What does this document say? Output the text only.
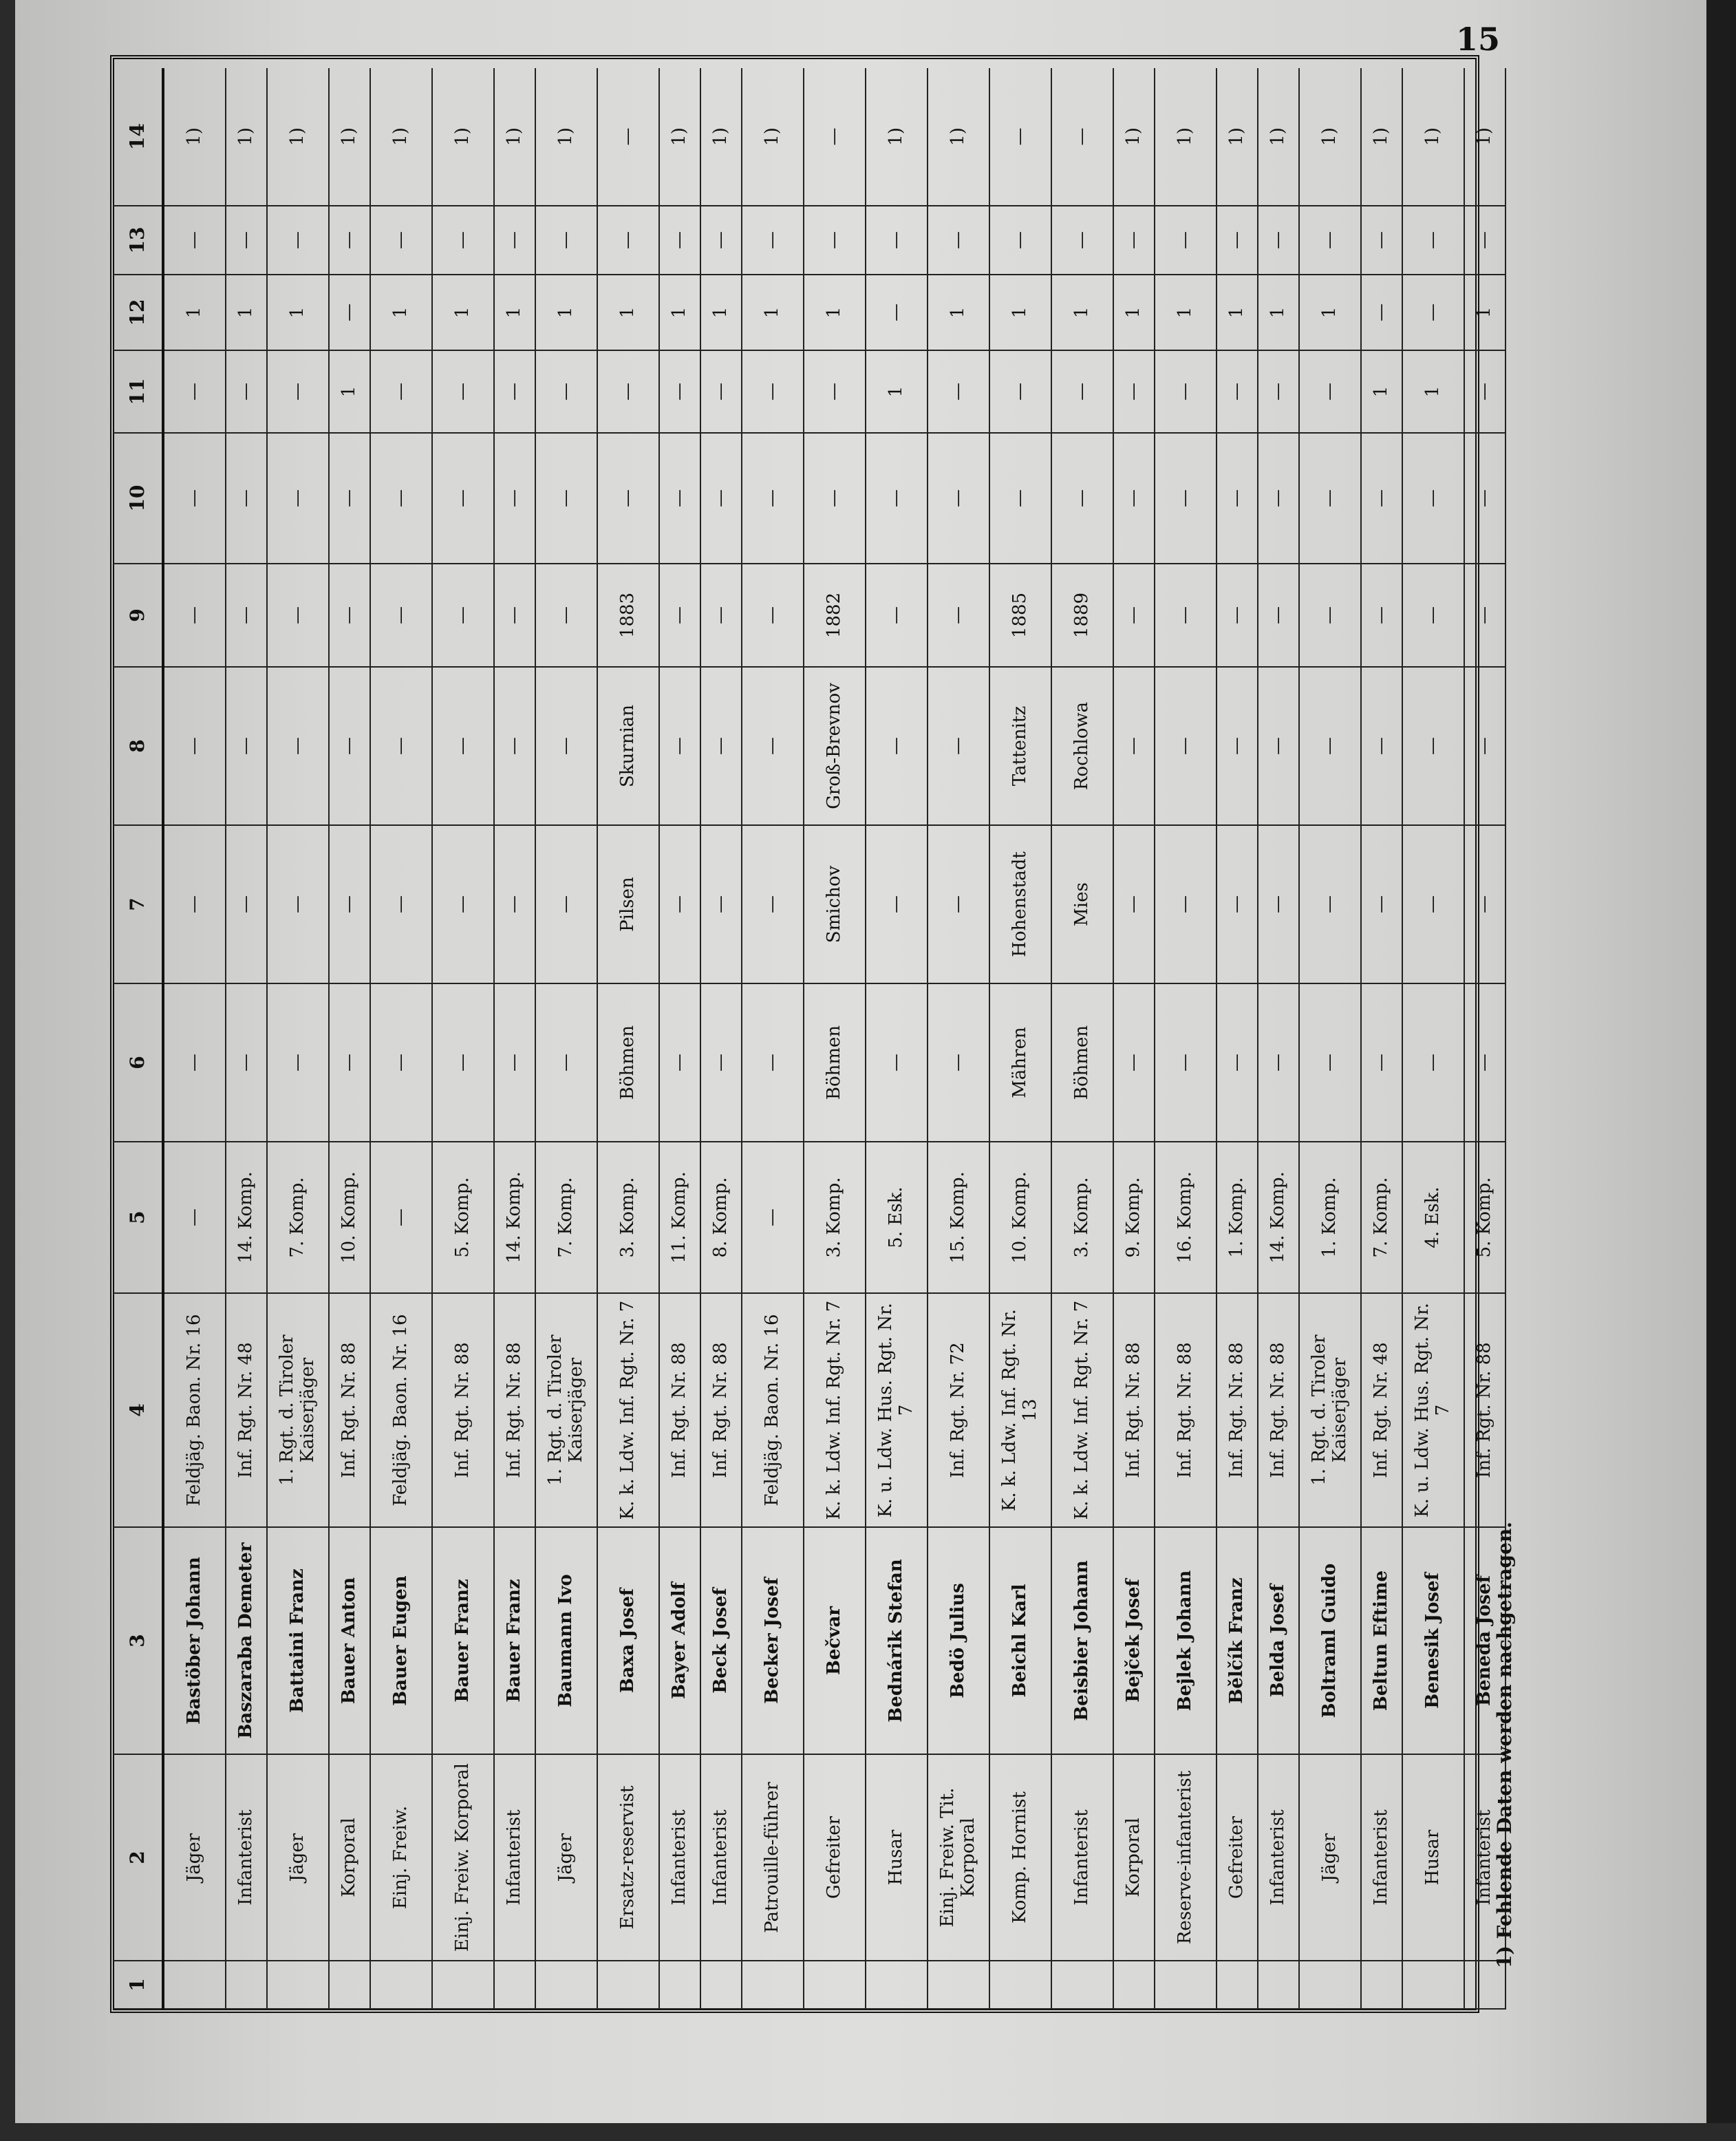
15
1	2	3	4	5	6	7	8	9	10	11	12	13	14
	Jäger	Bastöber Johann	Feldjäg. Baon. Nr. 16	—	—	—	—	—	—	—	1	—	1)
	Infanterist	Baszaraba Demeter	Inf. Rgt. Nr. 48	14. Komp.	—	—	—	—	—	—	1	—	1)
	Jäger	Battaini Franz	1. Rgt. d. Tiroler Kaiserjäger	7. Komp.	—	—	—	—	—	—	1	—	1)
	Korporal	Bauer Anton	Inf. Rgt. Nr. 88	10. Komp.	—	—	—	—	—	1	—	—	1)
	Einj. Freiw.	Bauer Eugen	Feldjäg. Baon. Nr. 16	—	—	—	—	—	—	—	1	—	1)
	Einj. Freiw. Korporal	Bauer Franz	Inf. Rgt. Nr. 88	5. Komp.	—	—	—	—	—	—	1	—	1)
	Infanterist	Bauer Franz	Inf. Rgt. Nr. 88	14. Komp.	—	—	—	—	—	—	1	—	1)
	Jäger	Baumann Ivo	1. Rgt. d. Tiroler Kaiserjäger	7. Komp.	—	—	—	—	—	—	1	—	1)
	Ersatz-reservist	Baxa Josef	K. k. Ldw. Inf. Rgt. Nr. 7	3. Komp.	Böhmen	Pilsen	Skurnian	1883	—	—	1	—	—
	Infanterist	Bayer Adolf	Inf. Rgt. Nr. 88	11. Komp.	—	—	—	—	—	—	1	—	1)
	Infanterist	Beck Josef	Inf. Rgt. Nr. 88	8. Komp.	—	—	—	—	—	—	1	—	1)
	Patrouille-führer	Becker Josef	Feldjäg. Baon. Nr. 16	—	—	—	—	—	—	—	1	—	1)
	Gefreiter	Bečvar	K. k. Ldw. Inf. Rgt. Nr. 7	3. Komp.	Böhmen	Smichov	Groß-Brevnov	1882	—	—	1	—	—
	Husar	Bednárik Stefan	K. u. Ldw. Hus. Rgt. Nr. 7	5. Esk.	—	—	—	—	—	1	—	—	1)
	Einj. Freiw. Tit. Korporal	Bedö Julius	Inf. Rgt. Nr. 72	15. Komp.	—	—	—	—	—	—	1	—	1)
	Komp. Hornist	Beichl Karl	K. k. Ldw. Inf. Rgt. Nr. 13	10. Komp.	Mähren	Hohenstadt	Tattenitz	1885	—	—	1	—	—
	Infanterist	Beisbier Johann	K. k. Ldw. Inf. Rgt. Nr. 7	3. Komp.	Böhmen	Mies	Rochlowa	1889	—	—	1	—	—
	Korporal	Bejček Josef	Inf. Rgt. Nr. 88	9. Komp.	—	—	—	—	—	—	1	—	1)
	Reserve-infanterist	Bejlek Johann	Inf. Rgt. Nr. 88	16. Komp.	—	—	—	—	—	—	1	—	1)
	Gefreiter	Bělčík Franz	Inf. Rgt. Nr. 88	1. Komp.	—	—	—	—	—	—	1	—	1)
	Infanterist	Belda Josef	Inf. Rgt. Nr. 88	14. Komp.	—	—	—	—	—	—	1	—	1)
	Jäger	Boltraml Guido	1. Rgt. d. Tiroler Kaiserjäger	1. Komp.	—	—	—	—	—	—	1	—	1)
	Infanterist	Beltun Eftime	Inf. Rgt. Nr. 48	7. Komp.	—	—	—	—	—	1	—	—	1)
	Husar	Benesik Josef	K. u. Ldw. Hus. Rgt. Nr. 7	4. Esk.	—	—	—	—	—	1	—	—	1)
	Infanterist	Beneda Josef	Inf. Rgt. Nr. 88	5. Komp.	—	—	—	—	—	—	1	—	1)
1) Fehlende Daten werden nachgetragen.
